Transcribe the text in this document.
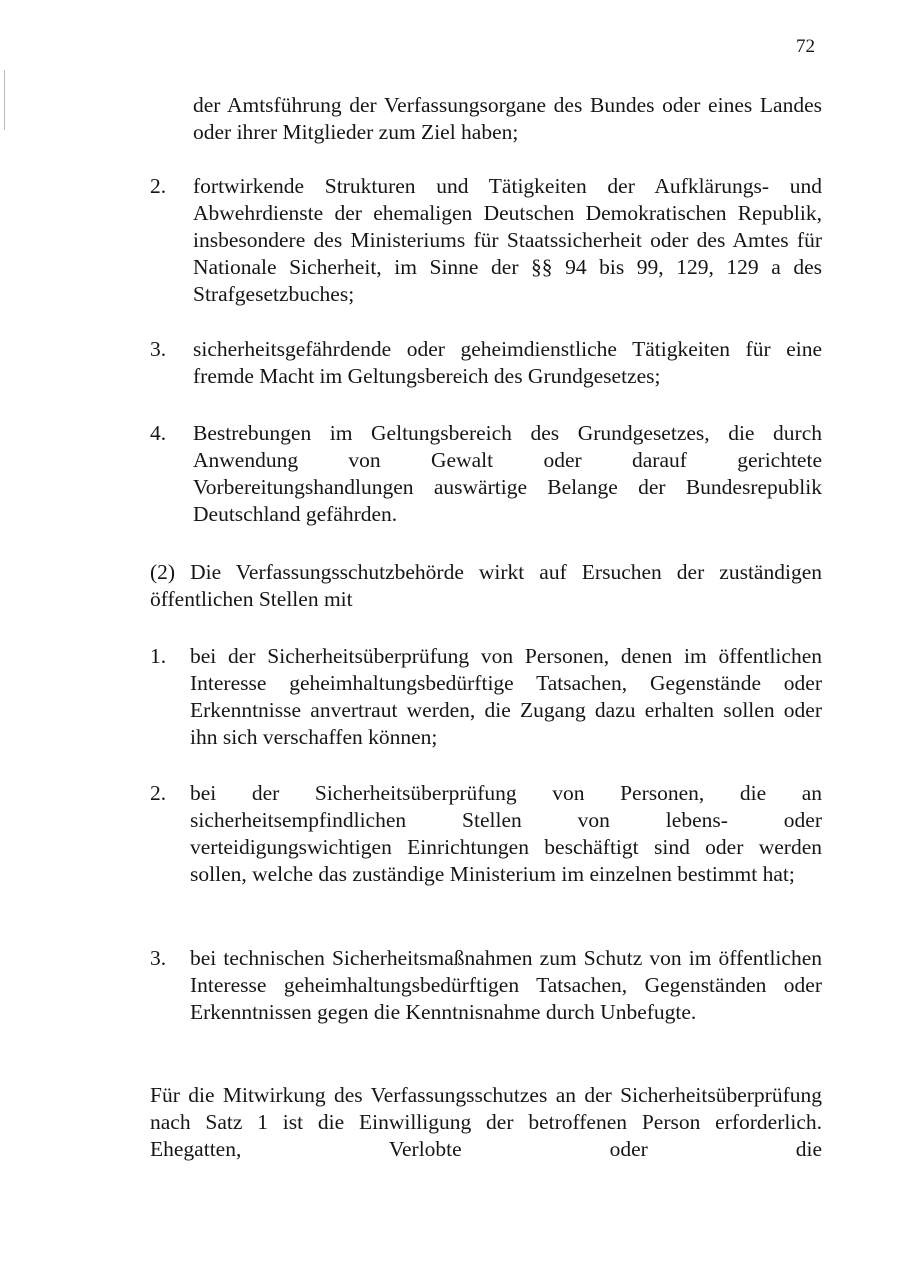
72
der Amtsführung der Verfassungsorgane des Bundes oder eines Landes oder ihrer Mitglieder zum Ziel haben;
2. fortwirkende Strukturen und Tätigkeiten der Aufklärungs- und Abwehrdienste der ehemaligen Deutschen Demokratischen Republik, insbesondere des Ministeriums für Staatssicherheit oder des Amtes für Nationale Sicherheit, im Sinne der §§ 94 bis 99, 129, 129 a des Strafgesetzbuches;
3. sicherheitsgefährdende oder geheimdienstliche Tätigkeiten für eine fremde Macht im Geltungsbereich des Grundgesetzes;
4. Bestrebungen im Geltungsbereich des Grundgesetzes, die durch Anwendung von Gewalt oder darauf gerichtete Vorbereitungshandlungen auswärtige Belange der Bundesrepublik Deutschland gefährden.
(2) Die Verfassungsschutzbehörde wirkt auf Ersuchen der zuständigen öffentlichen Stellen mit
1. bei der Sicherheitsüberprüfung von Personen, denen im öffentlichen Interesse geheimhaltungsbedürftige Tatsachen, Gegenstände oder Erkenntnisse anvertraut werden, die Zugang dazu erhalten sollen oder ihn sich verschaffen können;
2. bei der Sicherheitsüberprüfung von Personen, die an sicherheitsempfindlichen Stellen von lebens- oder verteidigungswichtigen Einrichtungen beschäftigt sind oder werden sollen, welche das zuständige Ministerium im einzelnen bestimmt hat;
3. bei technischen Sicherheitsmaßnahmen zum Schutz von im öffentlichen Interesse geheimhaltungsbedürftigen Tatsachen, Gegenständen oder Erkenntnissen gegen die Kenntnisnahme durch Unbefugte.
Für die Mitwirkung des Verfassungsschutzes an der Sicherheitsüberprüfung nach Satz 1 ist die Einwilligung der betroffenen Person erforderlich. Ehegatten, Verlobte oder die
